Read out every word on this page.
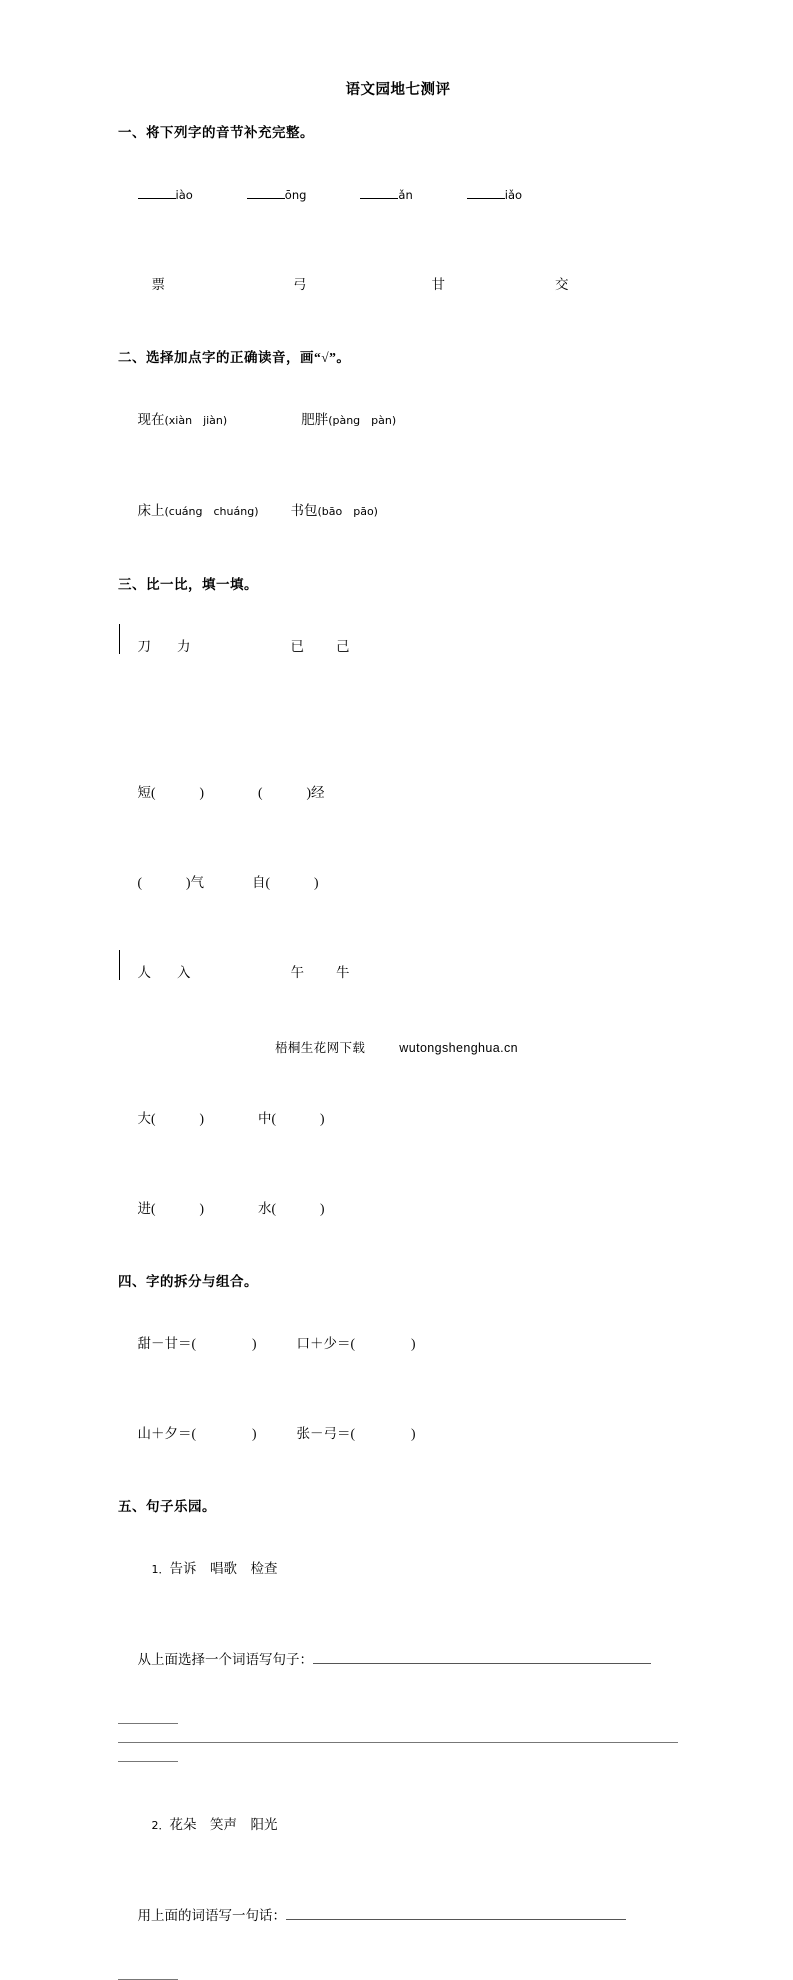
语文园地七测评
一、将下列字的音节补充完整。

iào	ōng	ǎn	iǎo

票	弓	甘	交

二、选择加点字的正确读音，画“√”。

现在(xiàn　jiàn)	肥胖(pàng　pàn)

床上(cuáng　chuáng) 书包(bāo　pāo)

三、比一比，填一填。

刀 力	已 己

短(	)	(	)经

(	)气	自(	)

人 入	午 牛

大(	)	中(	)

进(	)	水(	)

四、字的拆分与组合。

甜－甘＝(	)	口＋少＝(	)

山＋夕＝(	)	张－弓＝(	)

五、句子乐园。

1．告诉　唱歌　检查

从上面选择一个词语写句子：

2．花朵　笑声　阳光

用上面的词语写一句话：

梧桐生花网下载	wutongshenghua.cn
